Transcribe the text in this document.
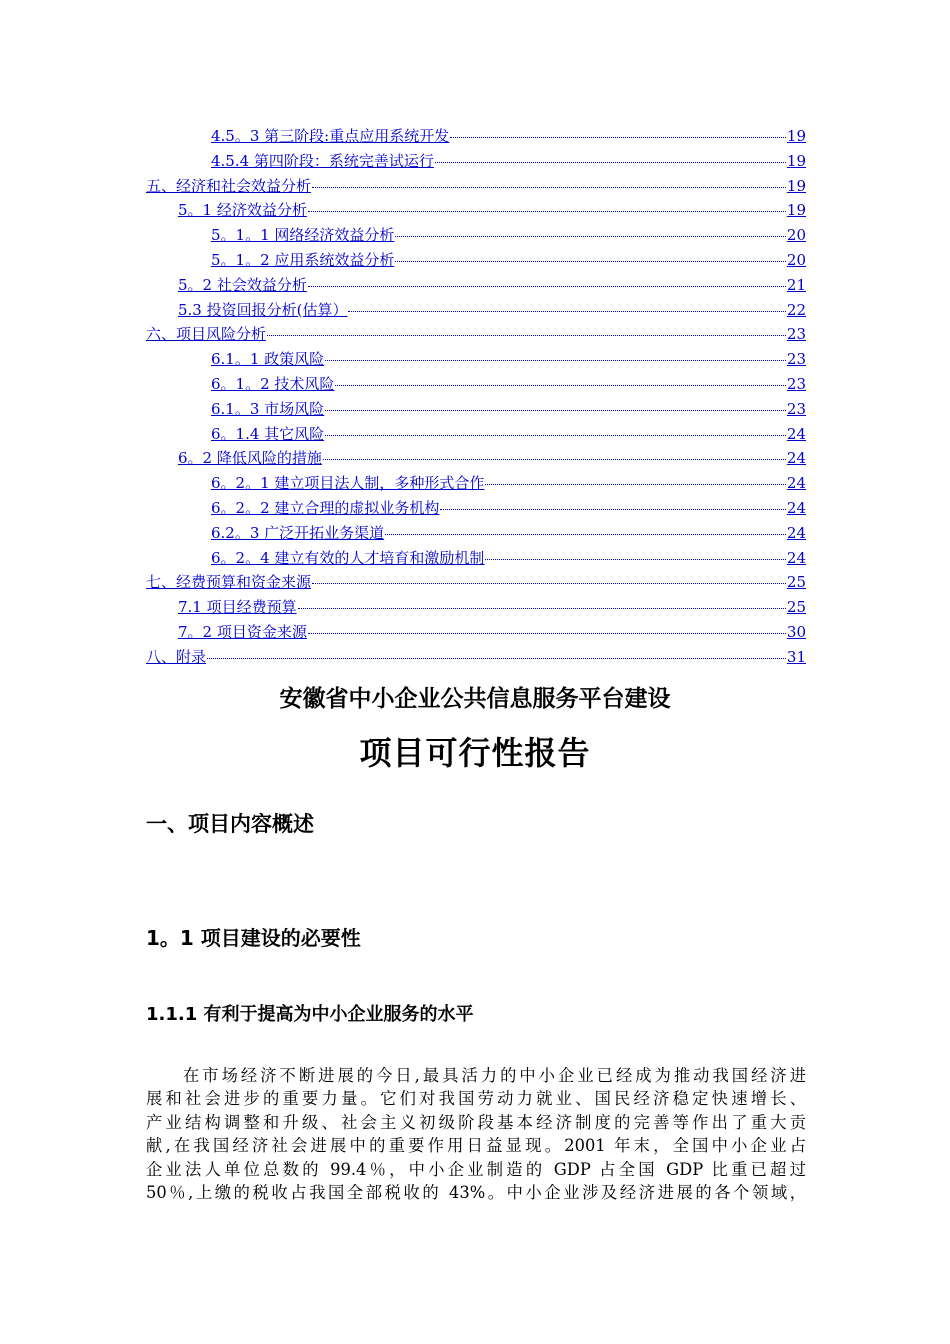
4.5。3 第三阶段:重点应用系统开发	19
4.5.4 第四阶段：系统完善试运行	19
五、经济和社会效益分析	19
5。1 经济效益分析	19
5。1。1 网络经济效益分析	20
5。1。2 应用系统效益分析	20
5。2 社会效益分析	21
5.3 投资回报分析(估算）	22
六、项目风险分析	23
6.1。1 政策风险	23
6。1。2 技术风险	23
6.1。3 市场风险	23
6。1.4 其它风险	24
6。2 降低风险的措施	24
6。2。1 建立项目法人制，多种形式合作	24
6。2。2 建立合理的虚拟业务机构	24
6.2。3 广泛开拓业务渠道	24
6。2。4 建立有效的人才培育和激励机制	24
七、经费预算和资金来源	25
7.1 项目经费预算	25
7。2 项目资金来源	30
八、附录	31
安徽省中小企业公共信息服务平台建设
项目可行性报告
一、项目内容概述
1。1 项目建设的必要性
1.1.1 有利于提高为中小企业服务的水平
在市场经济不断进展的今日,最具活力的中小企业已经成为推动我国经济进
展和社会进步的重要力量。它们对我国劳动力就业、国民经济稳定快速增长、
产业结构调整和升级、社会主义初级阶段基本经济制度的完善等作出了重大贡
献,在我国经济社会进展中的重要作用日益显现。2001 年末，全国中小企业占
企业法人单位总数的 99.4％，中小企业制造的 GDP 占全国 GDP 比重已超过
50％,上缴的税收占我国全部税收的 43%。中小企业涉及经济进展的各个领域，
